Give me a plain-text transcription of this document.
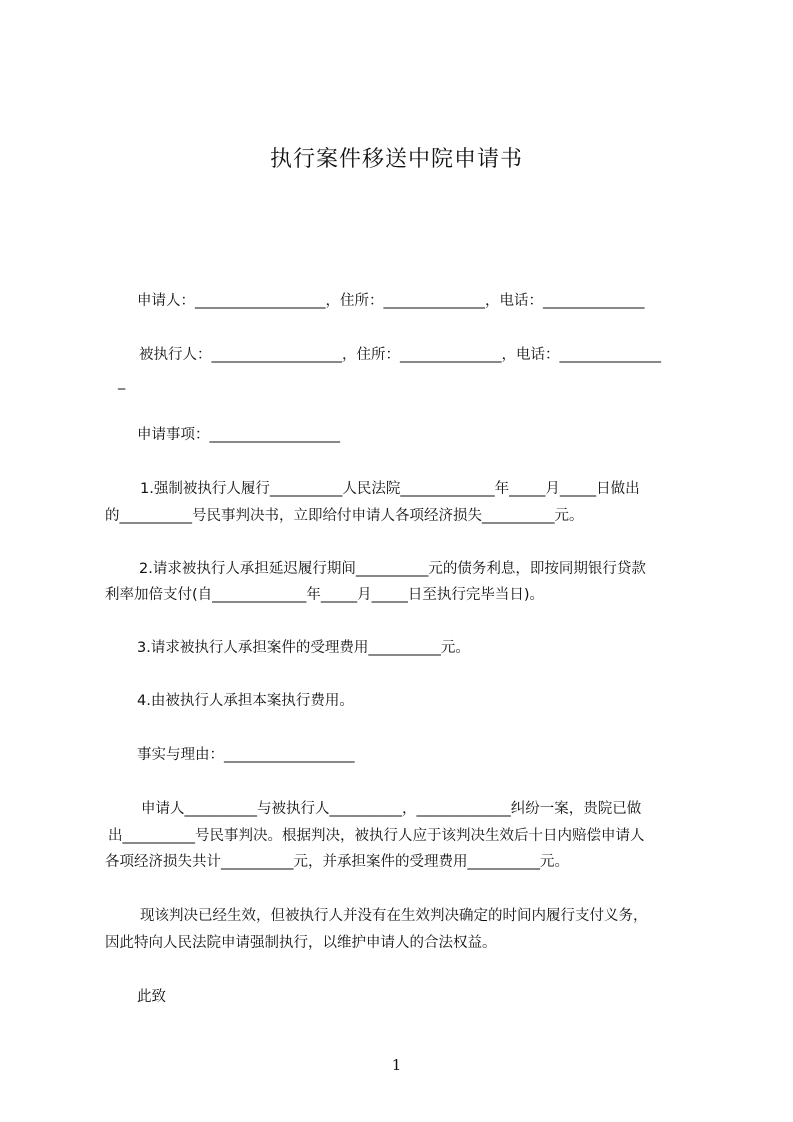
执行案件移送中院申请书
申请人：__________________，住所：______________，电话：______________
被执行人：__________________，住所：______________，电话：______________
_
申请事项：__________________
1.强制被执行人履行__________人民法院_____________年_____月_____日做出
的__________号民事判决书，立即给付申请人各项经济损失__________元。
2.请求被执行人承担延迟履行期间__________元的债务利息，即按同期银行贷款
利率加倍支付(自_____________年_____月_____日至执行完毕当日)。
3.请求被执行人承担案件的受理费用__________元。
4.由被执行人承担本案执行费用。
事实与理由：__________________
申请人__________与被执行人__________，_____________纠纷一案，贵院已做
出__________号民事判决。根据判决，被执行人应于该判决生效后十日内赔偿申请人
各项经济损失共计__________元，并承担案件的受理费用__________元。
现该判决已经生效，但被执行人并没有在生效判决确定的时间内履行支付义务，
因此特向人民法院申请强制执行，以维护申请人的合法权益。
此致
1
